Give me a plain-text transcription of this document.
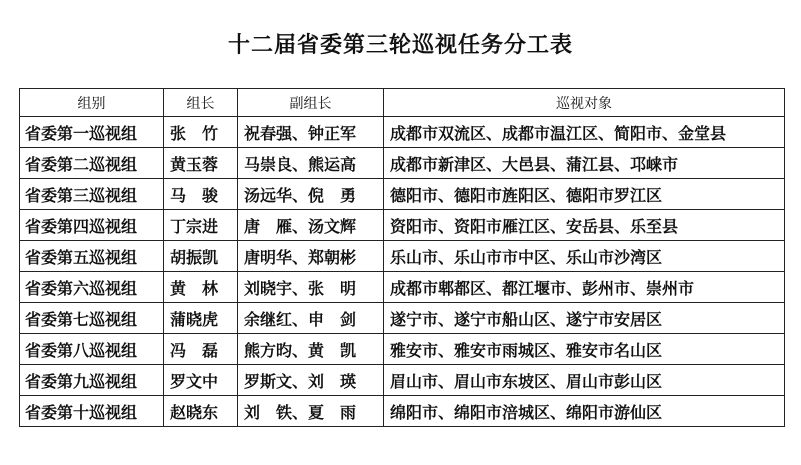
十二届省委第三轮巡视任务分工表
组别	组长	副组长	巡视对象
省委第一巡视组	张　竹	祝春强、钟正军	成都市双流区、成都市温江区、简阳市、金堂县
省委第二巡视组	黄玉蓉	马崇良、熊运高	成都市新津区、大邑县、蒲江县、邛崃市
省委第三巡视组	马　骏	汤远华、倪　勇	德阳市、德阳市旌阳区、德阳市罗江区
省委第四巡视组	丁宗进	唐　雁、汤文辉	资阳市、资阳市雁江区、安岳县、乐至县
省委第五巡视组	胡振凯	唐明华、郑朝彬	乐山市、乐山市市中区、乐山市沙湾区
省委第六巡视组	黄　林	刘晓宇、张　明	成都市郫都区、都江堰市、彭州市、崇州市
省委第七巡视组	蒲晓虎	余继红、申　剑	遂宁市、遂宁市船山区、遂宁市安居区
省委第八巡视组	冯　磊	熊方昀、黄　凯	雅安市、雅安市雨城区、雅安市名山区
省委第九巡视组	罗文中	罗斯文、刘　瑛	眉山市、眉山市东坡区、眉山市彭山区
省委第十巡视组	赵晓东	刘　铁、夏　雨	绵阳市、绵阳市涪城区、绵阳市游仙区
